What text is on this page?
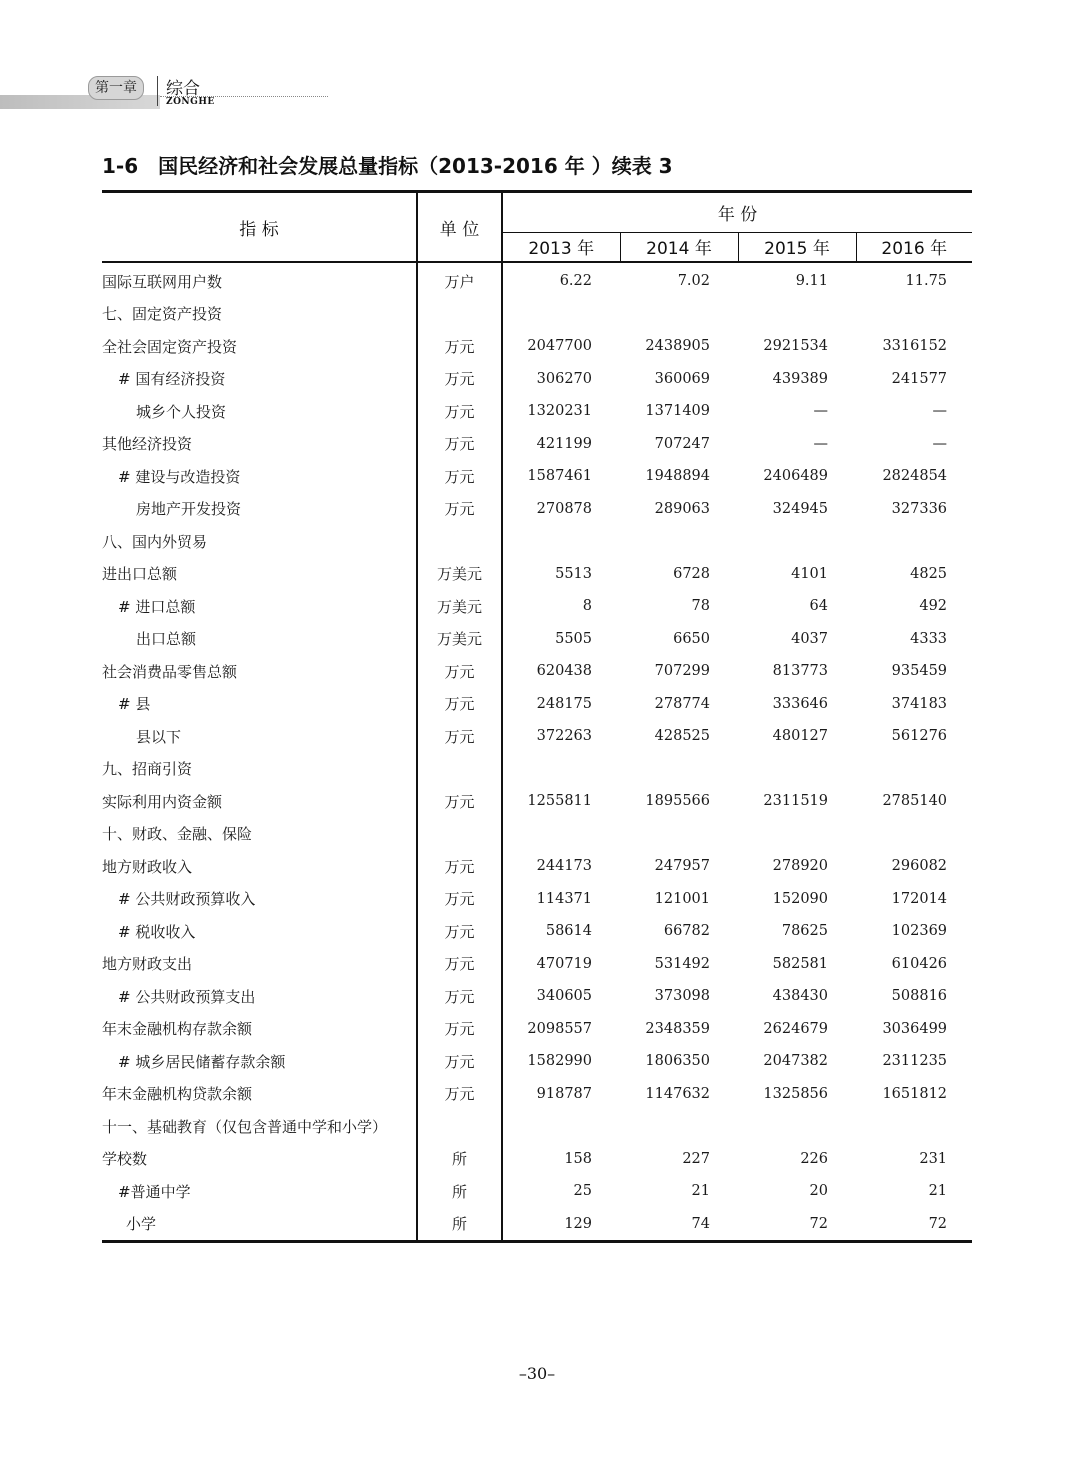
第一章	综合
ZONGHE
1-6 国民经济和社会发展总量指标（2013-2016 年 ）续表 3
指 标	单 位	年 份			
		2013 年	2014 年	2015 年	2016 年
国际互联网用户数	万户	6.22	7.02	9.11	11.75
七、固定资产投资					
全社会固定资产投资	万元	2047700	2438905	2921534	3316152
# 国有经济投资	万元	306270	360069	439389	241577
城乡个人投资	万元	1320231	1371409	—	—
其他经济投资	万元	421199	707247	—	—
# 建设与改造投资	万元	1587461	1948894	2406489	2824854
房地产开发投资	万元	270878	289063	324945	327336
八、国内外贸易					
进出口总额	万美元	5513	6728	4101	4825
# 进口总额	万美元	8	78	64	492
出口总额	万美元	5505	6650	4037	4333
社会消费品零售总额	万元	620438	707299	813773	935459
# 县	万元	248175	278774	333646	374183
县以下	万元	372263	428525	480127	561276
九、招商引资					
实际利用内资金额	万元	1255811	1895566	2311519	2785140
十、财政、金融、保险					
地方财政收入	万元	244173	247957	278920	296082
# 公共财政预算收入	万元	114371	121001	152090	172014
# 税收收入	万元	58614	66782	78625	102369
地方财政支出	万元	470719	531492	582581	610426
# 公共财政预算支出	万元	340605	373098	438430	508816
年末金融机构存款余额	万元	2098557	2348359	2624679	3036499
# 城乡居民储蓄存款余额	万元	1582990	1806350	2047382	2311235
年末金融机构贷款余额	万元	918787	1147632	1325856	1651812
十一、基础教育（仅包含普通中学和小学）					
学校数	所	158	227	226	231
#普通中学	所	25	21	20	21
小学	所	129	74	72	72
–30–
